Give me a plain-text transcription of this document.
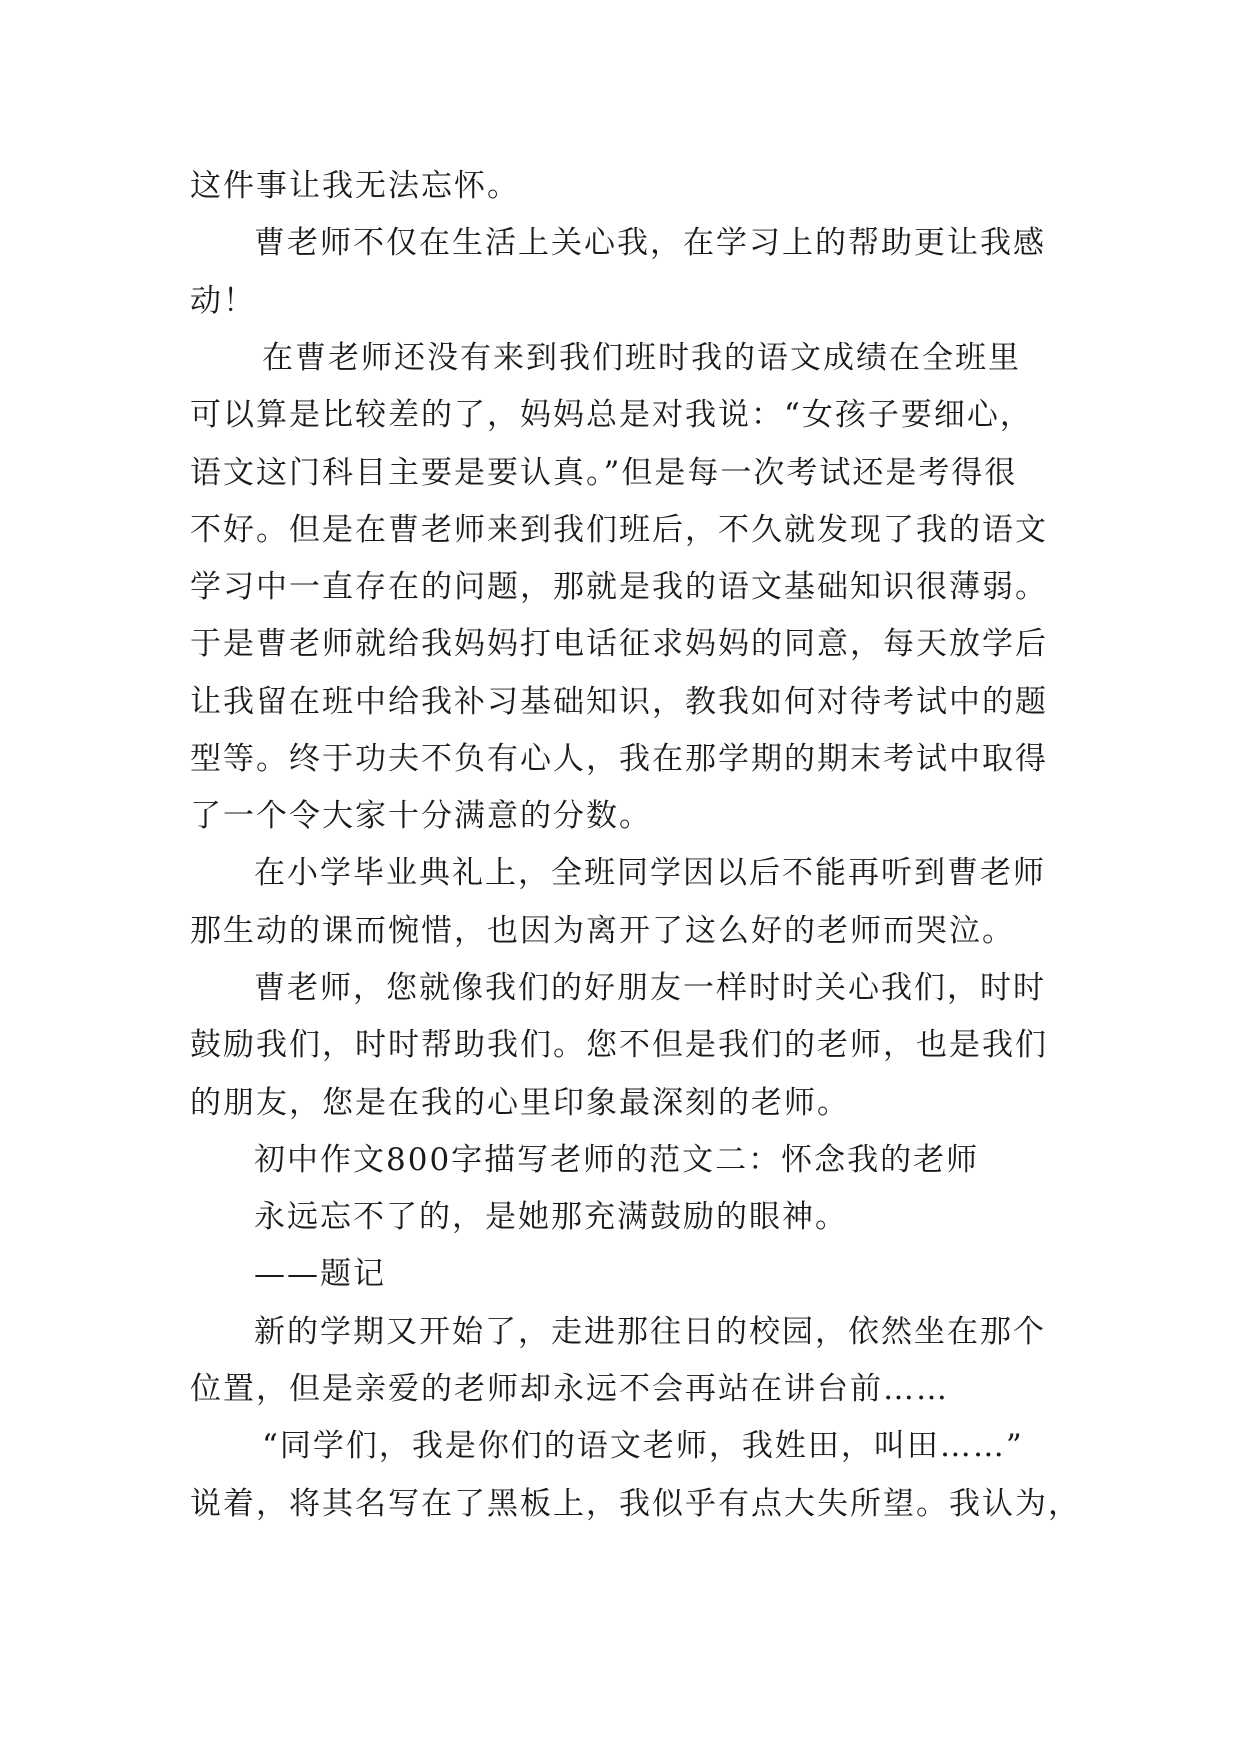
这件事让我无法忘怀。
曹老师不仅在生活上关心我，在学习上的帮助更让我感
动！
在曹老师还没有来到我们班时我的语文成绩在全班里
可以算是比较差的了，妈妈总是对我说：“女孩子要细心，
语文这门科目主要是要认真。”但是每一次考试还是考得很
不好。但是在曹老师来到我们班后，不久就发现了我的语文
学习中一直存在的问题，那就是我的语文基础知识很薄弱。
于是曹老师就给我妈妈打电话征求妈妈的同意，每天放学后
让我留在班中给我补习基础知识，教我如何对待考试中的题
型等。终于功夫不负有心人，我在那学期的期末考试中取得
了一个令大家十分满意的分数。
在小学毕业典礼上，全班同学因以后不能再听到曹老师
那生动的课而惋惜，也因为离开了这么好的老师而哭泣。
曹老师，您就像我们的好朋友一样时时关心我们，时时
鼓励我们，时时帮助我们。您不但是我们的老师，也是我们
的朋友，您是在我的心里印象最深刻的老师。
初中作文800字描写老师的范文二：怀念我的老师
永远忘不了的，是她那充满鼓励的眼神。
——题记
新的学期又开始了，走进那往日的校园，依然坐在那个
位置，但是亲爱的老师却永远不会再站在讲台前……
“同学们，我是你们的语文老师，我姓田，叫田……”
说着，将其名写在了黑板上，我似乎有点大失所望。我认为，
